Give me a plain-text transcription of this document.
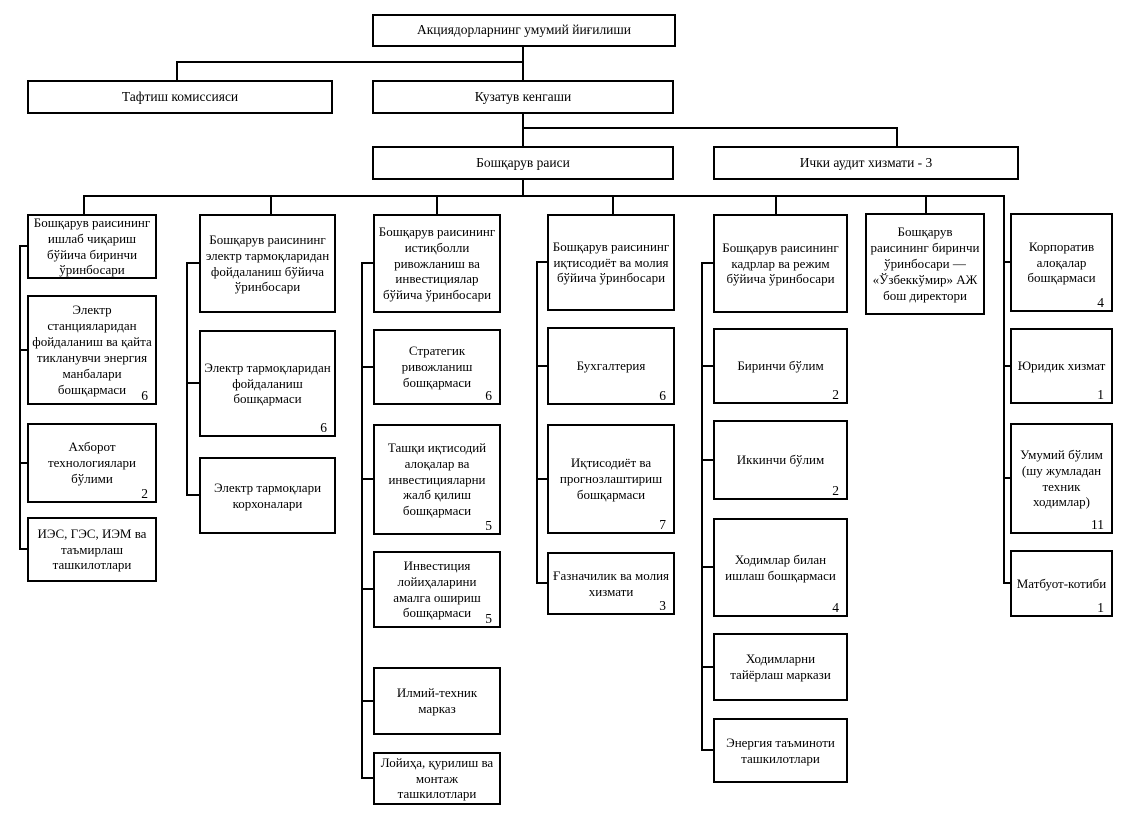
Акциядорларнинг умумий йиғилиши
Тафтиш комиссияси	Кузатув кенгаши
Бошқарув раиси	Ички аудит хизмати - 3
Бошқарув раисининг ишлаб чиқариш бўйича биринчи ўринбосари
Электр станцияларидан фойдаланиш ва қайта тикланувчи энергия манбалари бошқармаси	6
Ахборот технологиялари бўлими
2
ИЭС, ГЭС, ИЭМ ва таъмирлаш ташкилотлари
Бошқарув раисининг электр тармоқларидан фойдаланиш бўйича ўринбосари
Электр тармоқларидан фойдаланиш бошқармаси
6
Электр тармоқлари корхоналари
Бошқарув раисининг истиқболли ривожланиш ва инвестициялар бўйича ўринбосари
Стратегик ривожланиш бошқармаси
6
Ташқи иқтисодий алоқалар ва инвестицияларни жалб қилиш бошқармаси
5
Инвестиция лойиҳаларини амалга ошириш бошқармаси	5
Илмий-техник марказ
Лойиҳа, қурилиш ва монтаж ташкилотлари
Бошқарув раисининг иқтисодиёт ва молия бўйича ўринбосари
Бухгалтерия
6
Иқтисодиёт ва прогнозлаштириш бошқармаси
7
Ғазначилик ва молия хизмати
3
Бошқарув раисининг кадрлар ва режим бўйича ўринбосари
Биринчи бўлим
2
Иккинчи бўлим
2
Ходимлар билан ишлаш бошқармаси
4
Ходимларни тайёрлаш маркази
Энергия таъминоти ташкилотлари
Бошқарув раисининг биринчи ўринбосари — «Ўзбеккўмир» АЖ бош директори
Корпоратив алоқалар бошқармаси
4
Юридик хизмат
1
Умумий бўлим (шу жумладан техник ходимлар)
11
Матбуот-котиби
1
